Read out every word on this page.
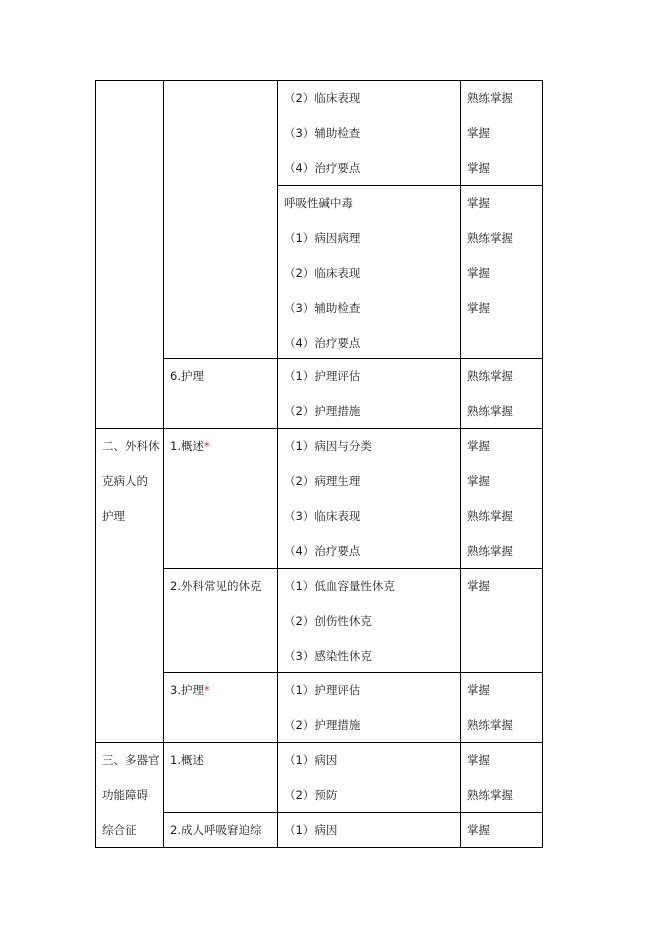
二、外科休
克病人的
护理
三、多器官
功能障碍
综合征
6.护理
1.概述*
2.外科常见的休克
3.护理*
1.概述
2.成人呼吸窘迫综
（2）临床表现
（3）辅助检查
（4）治疗要点
呼吸性碱中毒
（1）病因病理
（2）临床表现
（3）辅助检查
（4）治疗要点
（1）护理评估
（2）护理措施
（1）病因与分类
（2）病理生理
（3）临床表现
（4）治疗要点
（1）低血容量性休克
（2）创伤性休克
（3）感染性休克
（1）护理评估
（2）护理措施
（1）病因
（2）预防
（1）病因
熟练掌握
掌握
掌握
掌握
熟练掌握
掌握
掌握
熟练掌握
熟练掌握
掌握
掌握
熟练掌握
熟练掌握
掌握
掌握
熟练掌握
掌握
熟练掌握
掌握
